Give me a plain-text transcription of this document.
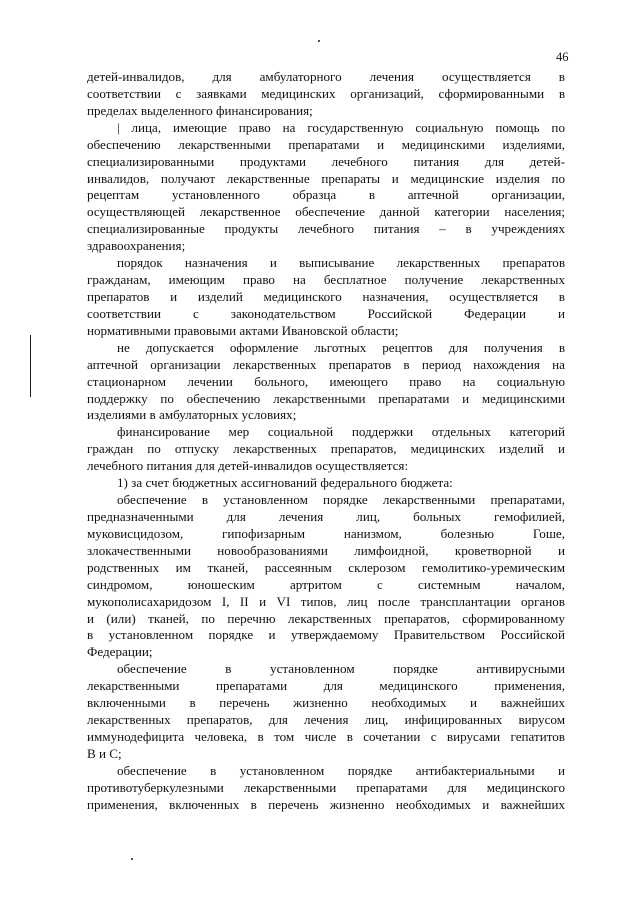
46

детей-инвалидов, для амбулаторного лечения осуществляется в
соответствии с заявками медицинских организаций, сформированными в
пределах выделенного финансирования;

| лица, имеющие право на государственную социальную помощь по
обеспечению лекарственными препаратами и медицинскими изделиями,
специализированными продуктами лечебного питания для детей-
инвалидов, получают лекарственные препараты и медицинские изделия по
рецептам установленного образца в аптечной организации,
осуществляющей лекарственное обеспечение данной категории населения;
специализированные продукты лечебного питания – в учреждениях
здравоохранения;

порядок назначения и выписывание лекарственных препаратов
гражданам, имеющим право на бесплатное получение лекарственных
препаратов и изделий медицинского назначения, осуществляется в
соответствии с законодательством Российской Федерации и
нормативными правовыми актами Ивановской области;

не допускается оформление льготных рецептов для получения в
аптечной организации лекарственных препаратов в период нахождения на
стационарном лечении больного, имеющего право на социальную
поддержку по обеспечению лекарственными препаратами и медицинскими
изделиями в амбулаторных условиях;

финансирование мер социальной поддержки отдельных категорий
граждан по отпуску лекарственных препаратов, медицинских изделий и
лечебного питания для детей-инвалидов осуществляется:

1) за счет бюджетных ассигнований федерального бюджета:

обеспечение в установленном порядке лекарственными препаратами,
предназначенными для лечения лиц, больных гемофилией,
муковисцидозом, гипофизарным нанизмом, болезнью Гоше,
злокачественными новообразованиями лимфоидной, кроветворной и
родственных им тканей, рассеянным склерозом гемолитико-уремическим
синдромом, юношеским артритом с системным началом,
мукополисахаридозом I, II и VI типов, лиц после трансплантации органов
и (или) тканей, по перечню лекарственных препаратов, сформированному
в установленном порядке и утверждаемому Правительством Российской
Федерации;

обеспечение в установленном порядке антивирусными
лекарственными препаратами для медицинского применения,
включенными в перечень жизненно необходимых и важнейших
лекарственных препаратов, для лечения лиц, инфицированных вирусом
иммунодефицита человека, в том числе в сочетании с вирусами гепатитов
В и С;

обеспечение в установленном порядке антибактериальными и
противотуберкулезными лекарственными препаратами для медицинского
применения, включенных в перечень жизненно необходимых и важнейших
